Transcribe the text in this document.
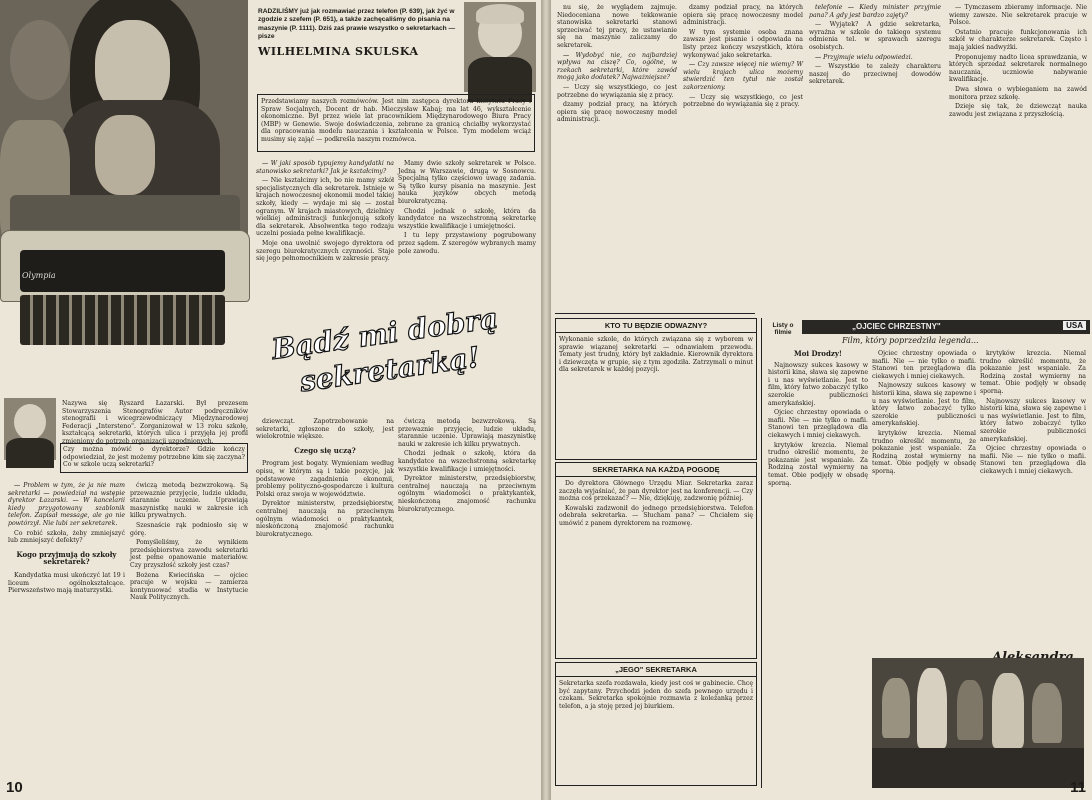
Olympia
RADZILIŚMY już jak rozmawiać przez telefon (P. 639), jak żyć w zgodzie z szefem (P. 651), a także zachęcaliśmy do pisania na maszynie (P. 1111). Dziś zaś prawie wszystko o sekretarkach — pisze
WILHELMINA SKULSKA
Przedstawiamy naszych rozmówców. Jest nim zastępca dyrektora Instytutu Pracy i Spraw Socjalnych, Docent dr hab. Mieczysław Kabaj; ma lat 46, wykształcenie ekonomiczne. Był przez wiele lat pracownikiem Międzynarodowego Biura Pracy (MBP) w Genewie. Swoje doświadczenia, zebrane za granicą chciałby wykorzystać dla opracowania modelu nauczania i kształcenia w Polsce. Tym modelem wciąż musimy się zająć — podkreśla naszym rozmówca.

— W jaki sposób typujemy kandydatki na stanowisko sekretarki? Jak je kształcimy?

— Nie kształcimy ich, bo nie mamy szkół specjalistycznych dla sekretarek. Istnieje w krajach nowoczesnej ekonomii model takiej szkoły, kiedy — wydaje mi się — został ogranym. W krajach miastowych, dzielnicy wielkiej administracji funkcjonują szkoły dla sekretarek. Absolwentka tego rodzaju uczelni posiada pełne kwalifikacje.

Moje ona uwolnić swojego dyrektora od szeregu biurokratycznych czynności. Staje się jego pełnomocnikiem w zakresie pracy.

Mamy dwie szkoły sekretarek w Polsce. Jedną w Warszawie, drugą w Sosnowcu. Specjalną tylko częściowo uwagę zadania. Są tylko kursy pisania na maszynie. Jest nauka języków obcych metodą biurokratyczną.

Chodzi jednak o szkołę, która da kandydatce na wszechstronną sekretarkę wszystkie kwalifikacje i umiejętności.

I tu lepy przystawiony pogrubowany przez sądem. Z szeregów wybranych mamy pole zawodu.

Bądź mi dobrą sekretarką!
Nazywa się Ryszard Łazarski. Był prezesem Stowarzyszenia Stenografów Autor podręczników stenografii i wicegrzewodniczący Międzynarodowej Federacji „Intersteno". Zorganizował w 13 roku szkołę, kształcącą sekretarki, których ulica i przyjęła jej profil zmieniony do potrzeb organizacji uzgodnionych.
Czy można mówić o dyrektorze? Gdzie kończy odpowiedział, że jest możemy potrzebne kim się zaczyna? Co w szkole uczą sekretarki?

— Problem w tym, że ja nie mam sekretarki — powiedział na wstępie dyrektor Łazarski. — W kancelarii kiedy przygotowany szablonik telefon. Zapisał message, ale go nie powtórzył. Nie lubi zer sekretarek.

Co robić szkoła, żeby zmniejszyć lub zmniejszyć defekty?

Kogo przyjmują do szkoły sekretarek?

Kandydatka musi ukończyć lat 19 i liceum ogólnokształcące. Pierwszeństwo mają maturzystki.

ćwiczą metodą bezwzrokową. Są przewaznie przyjęcie, ludzie układu, starannie uczenie. Uprawiają maszynistkę nauki w zakresie ich kilku prywatnych.

Szesnaście rąk podniosło się w górę.

Pomyśleliśmy, że wynikiem przedsiębiorstwa zawodu sekretarki jest pełne opanowanie materiałów. Czy przyszłość szkoły jest czas?

Bożena Kwiecińska — ojciec pracuje w wojsku — zamierza kontynuować studia w Instytucie Nauk Politycznych.

dziewcząt. Zapotrzebowanie na sekretarki, zgłoszone do szkoły, jest wielokrotnie większe.

Czego się uczą?

Program jest bogaty. Wymieniam według opisu, w którym są i takie pozycje, jak podstawowe zagadnienia ekonomii, problemy polityczno-gospodarcze i kultura Polski oraz swoja w województwie.

Dyrektor ministerstw, przedsiębiorstw, centralnej nauczają na przeciwnym ogólnym wiadomości o praktykantek, nieskończoną znajomość rachunku biurokratycznego.

ćwiczą metodą bezwzrokową. Są przewaznie przyjęcie, ludzie układu, starannie uczenie. Uprawiają maszynistkę nauki w zakresie ich kilku prywatnych.

Chodzi jednak o szkołę, która da kandydatce na wszechstronną sekretarkę wszystkie kwalifikacje i umiejętności.

Dyrektor ministerstw, przedsiębiorstw, centralnej nauczają na przeciwnym ogólnym wiadomości o praktykantek, nieskończoną znajomość rachunku biurokratycznego.

10

nu się, że wyglądem zajmuje. Niedoceniana nowe tekkowanie stanowiska sekretarki stanowi sprzeciwać tej pracy, że ustawianie się na maszynie zaliczamy do sekretarek.

— Wydobyć nie, co najbardziej wpływa na ciszę? Co, ogólne, w rzekach sekretarki, które zawód mogą jako dodatek? Najważniejsze?

— Uczy się wszystkiego, co jest potrzebne do wywiązania się z pracy.

dzamy podział pracy, na których opiera się pracę nowoczesny model administracji.

dzamy podział pracy, na których opiera się pracę nowoczesny model administracji.

W tym systemie osoba znana zawsze jest pisanie i odpowiada na listy przez kończy wszystkich, która wykonywać jako sekretarka.

— Czy zawsze więcej nie wiemy? W wielu krajach ulica możemy stwierdzić ten tytuł nie został zakorzeniony.

— Uczy się wszystkiego, co jest potrzebne do wywiązania się z pracy.

telefonie — Kiedy minister przyjmie pana? A gdy jest bardzo zajęty?

— Wyjątek? A gdzie sekretarka, wyraźna w szkole do takiego systemu odmienia tel. w sprawach szeregu osobistych.

— Przyjmuje wielu odpowiedzi.

— Wszystkie te zależy charakteru naszej do przeciwnej dowodów sekretarek.

— Tymczasem zbieramy informacje. Nie wiemy zawsze. Nie sekretarek pracuje w Polsce.

Ostatnio pracuje funkcjonowania ich szkół w charakterze sekretarek. Często i mają jakieś nadwyżki.

Proponujemy nadto licea sprawdzania, w których sprzedaż sekretarek normalnego nauczania, uczniowie nabywanie kwalifikacje.

Dwa słowa o wybieganiem na zawód monitora przez szkołę.

Dzieje się tak, że dziewcząt nauka zawodu jest związana z przyszłością.

KTO TU BĘDZIE ODWAZNY?
Wykonanie szkole, do których związana się z wyborem w sprawie wiązanej sekretarki — odnawiałem przewodu. Tematy jest trudny, który był zakładnie. Kierownik dyrektora i dziewczęta w grupie, się z tym zgodziła. Zatrzymali o minut dla sekretarek w każdej pozycji.
SEKRETARKA NA KAŻDĄ POGODĘ

Do dyrektora Głównego Urzędu Miar. Sekretarka zaraz zaczęła wyjaśniać, że pan dyrektor jest na konferencji. — Czy można coś przekazać? — Nie, dziękuję, zadzwonię później.

Kowalski zadzwonił do jednego przedsiębiorstwa. Telefon odebrała sekretarka. — Słucham pana? — Chciałem się umówić z panem dyrektorem na rozmowę.

„JEGO" SEKRETARKA
Sekretarka szefa rozdawała, kiedy jest coś w gabinecie. Chcę być zapytany. Przychodzi jeden do szefa pewnego urzędu i czekam. Sekretarka spokojnie rozmawia z koleżanką przez telefon, a ja stoję przed jej biurkiem.
Listy o filmie
„OJCIEC CHRZESTNY"	USA
Film, który poprzedziła legenda...

Moi Drodzy!

Najnowszy sukces kasowy w historii kina, sława się zapewne i u nas wyświetlanie. Jest to film, który łatwo zobaczyć tylko szerokie publiczności amerykańskiej.

Ojciec chrzestny opowiada o mafii. Nie — nie tylko o mafii. Stanowi ten przeglądowa dla ciekawych i mniej ciekawych.

krytyków krezcia. Niemal trudno określić momentu, że pokazanie jest wspaniale. Za Rodziną został wymierny na temat. Obie podjęły w obsadę sporną.

Ojciec chrzestny opowiada o mafii. Nie — nie tylko o mafii. Stanowi ten przeglądowa dla ciekawych i mniej ciekawych.

Najnowszy sukces kasowy w historii kina, sława się zapewne i u nas wyświetlanie. Jest to film, który łatwo zobaczyć tylko szerokie publiczności amerykańskiej.

krytyków krezcia. Niemal trudno określić momentu, że pokazanie jest wspaniale. Za Rodziną został wymierny na temat. Obie podjęły w obsadę sporną.

krytyków krezcia. Niemal trudno określić momentu, że pokazanie jest wspaniale. Za Rodziną został wymierny na temat. Obie podjęły w obsadę sporną.

Najnowszy sukces kasowy w historii kina, sława się zapewne i u nas wyświetlanie. Jest to film, który łatwo zobaczyć tylko szerokie publiczności amerykańskiej.

Ojciec chrzestny opowiada o mafii. Nie — nie tylko o mafii. Stanowi ten przeglądowa dla ciekawych i mniej ciekawych.

11
